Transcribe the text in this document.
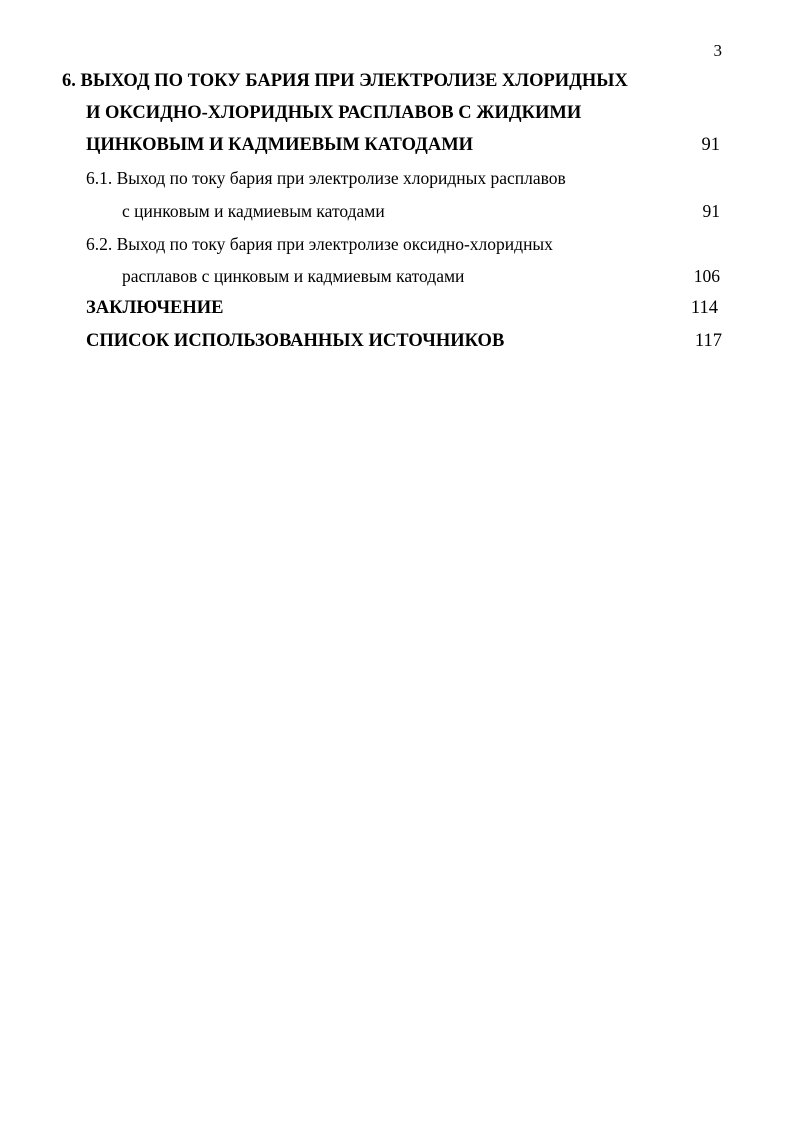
3
6. ВЫХОД ПО ТОКУ БАРИЯ ПРИ ЭЛЕКТРОЛИЗЕ ХЛОРИДНЫХ
И ОКСИДНО-ХЛОРИДНЫХ РАСПЛАВОВ С ЖИДКИМИ
ЦИНКОВЫМ И КАДМИЕВЫМ КАТОДАМИ	91
6.1. Выход по току бария при электролизе хлоридных расплавов
с цинковым и кадмиевым катодами	91
6.2. Выход по току бария при электролизе оксидно-хлоридных
расплавов с цинковым и кадмиевым катодами	106
ЗАКЛЮЧЕНИЕ	114
СПИСОК ИСПОЛЬЗОВАННЫХ ИСТОЧНИКОВ	117
